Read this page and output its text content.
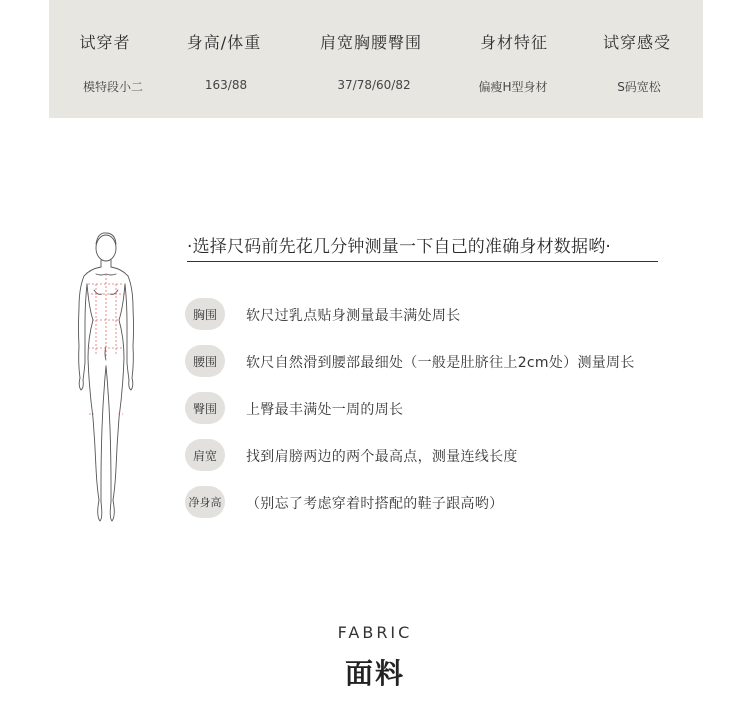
试穿者	身高/体重	肩宽胸腰臀围	身材特征	试穿感受
模特段小二	163/88	37/78/60/82	偏瘦H型身材	S码宽松
·选择尺码前先花几分钟测量一下自己的准确身材数据哟·
胸围	软尺过乳点贴身测量最丰满处周长
腰围	软尺自然滑到腰部最细处（一般是肚脐往上2cm处）测量周长
臀围	上臀最丰满处一周的周长
肩宽	找到肩膀两边的两个最高点，测量连线长度
净身高 （别忘了考虑穿着时搭配的鞋子跟高哟）
FABRIC
面料
